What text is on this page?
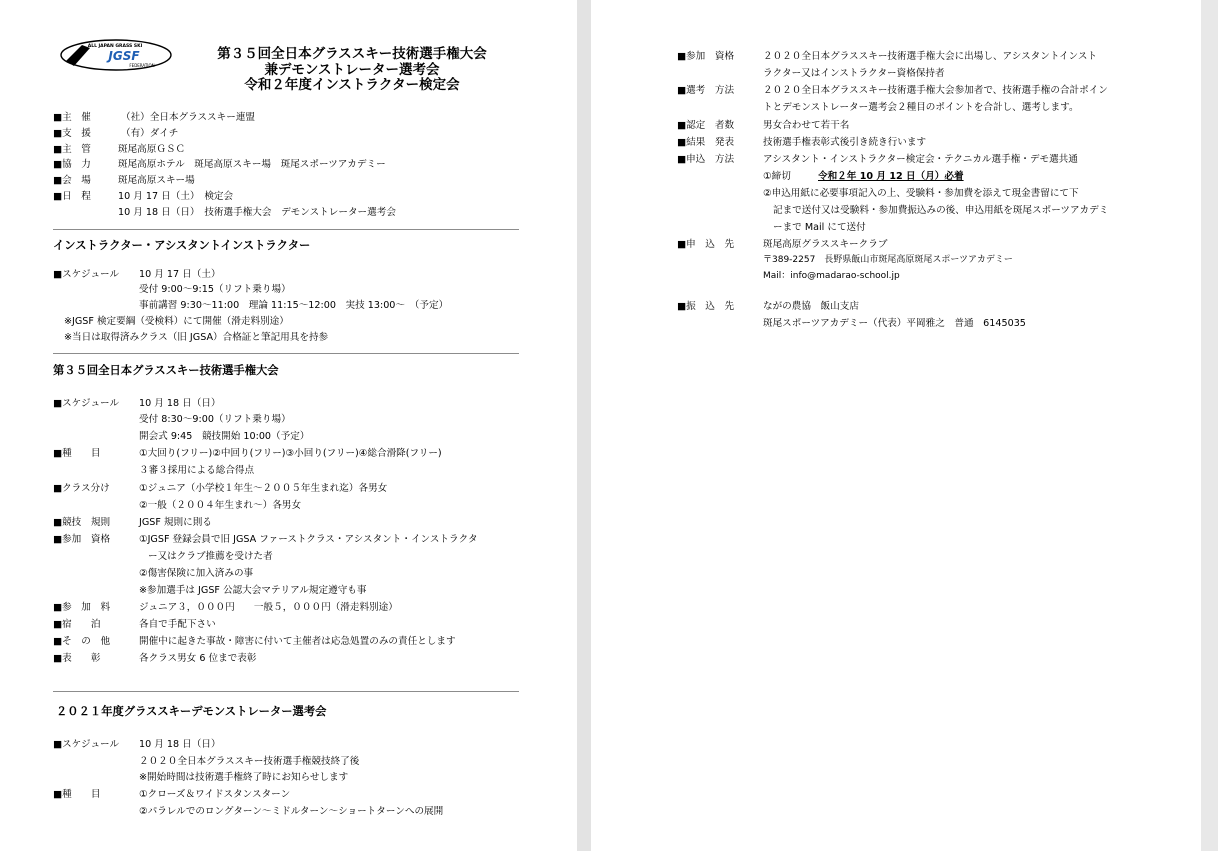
ALL JAPAN GRASS SKI
JGSF
FEDERATION
第３５回全日本グラススキー技術選手権大会
兼デモンストレーター選考会
令和２年度インストラクター検定会
■主　催	（社）全日本グラススキー連盟
■支　援	（有）ダイチ
■主　管	斑尾高原ＧＳＣ
■協　力	斑尾高原ホテル　斑尾高原スキー場　斑尾スポーツアカデミー
■会　場	斑尾高原スキー場
■日　程	10 月 17 日（土）　検定会
10 月 18 日（日）　技術選手権大会　デモンストレーター選考会
インストラクター・アシスタントインストラクター
■スケジュール 10 月 17 日（土）
受付 9:00～9:15（リフト乗り場）
事前講習 9:30～11:00　理論 11:15～12:00　実技 13:00～　（予定）
※JGSF 検定要綱（受検料）にて開催（滑走料別途）
※当日は取得済みクラス（旧 JGSA）合格証と筆記用具を持参
第３５回全日本グラススキー技術選手権大会
■スケジュール 10 月 18 日（日）
受付 8:30～9:00（リフト乗り場）
開会式 9:45　競技開始 10:00（予定）
■種　　目	①大回り(フリー)②中回り(フリー)③小回り(フリー)④総合滑降(フリー)
３審３採用による総合得点
■クラス分け	①ジュニア（小学校１年生～２００５年生まれ迄）各男女
②一般（２００４年生まれ～）各男女
■競技　規則	JGSF 規則に則る
■参加　資格	①JGSF 登録会員で旧 JGSA ファーストクラス・アシスタント・インストラクタ
ー又はクラブ推薦を受けた者
②傷害保険に加入済みの事
※参加選手は JGSF 公認大会マテリアル規定遵守も事
■参　加　料	ジュニア３，０００円　　一般５，０００円（滑走料別途）
■宿　　泊	各自で手配下さい
■そ　の　他	開催中に起きた事故・障害に付いて主催者は応急処置のみの責任とします
■表　　彰	各クラス男女 6 位まで表彰
２０２１年度グラススキーデモンストレーター選考会
■スケジュール 10 月 18 日（日）
２０２０全日本グラススキー技術選手権競技終了後
※開始時間は技術選手権終了時にお知らせします
■種　　目	①クローズ＆ワイドスタンスターン
②パラレルでのロングターン～ミドルターン～ショートターンへの展開
■参加　資格	２０２０全日本グラススキー技術選手権大会に出場し、アシスタントインスト
ラクター又はインストラクター資格保持者
■選考　方法	２０２０全日本グラススキー技術選手権大会参加者で、技術選手権の合計ポイン
トとデモンストレーター選考会２種目のポイントを合計し、選考します。
■認定　者数	男女合わせて若干名
■結果　発表	技術選手権表彰式後引き続き行います
■申込　方法	アシスタント・インストラクター検定会・テクニカル選手権・デモ選共通
①締切	令和２年 10 月 12 日（月）必着
②申込用紙に必要事項記入の上、受験料・参加費を添えて現金書留にて下
記まで送付又は受験料・参加費振込みの後、申込用紙を斑尾スポーツアカデミ
ーまで Mail にて送付
■申　込　先	斑尾高原グラススキークラブ
〒389-2257　長野県飯山市斑尾高原斑尾スポーツアカデミー
Mail：info@madarao-school.jp
■振　込　先	ながの農協　飯山支店
斑尾スポーツアカデミー（代表）平岡雅之　普通　6145035
